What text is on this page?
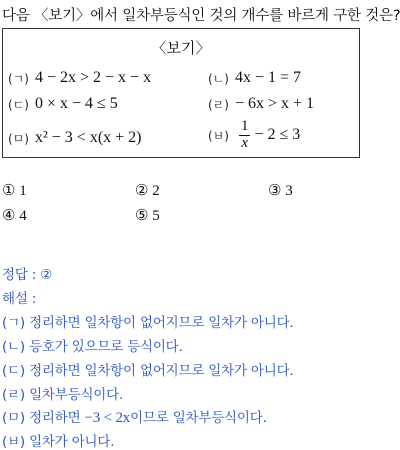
다음 〈보기〉에서 일차부등식인 것의 개수를 바르게 구한 것은?
〈보기〉
(ㄱ) 4 − 2x > 2 − x − x	(ㄴ) 4x − 1 = 7
(ㄷ) 0 × x − 4 ≤ 5	(ㄹ) − 6x > x + 1
(ㅁ) x² − 3 < x(x + 2)	(ㅂ) $\frac{1}{x} - 2 \le 3$
① 1	② 2	③ 3
④ 4	⑤ 5
정답 : ②
해설 :
(ㄱ) 정리하면 일차항이 없어지므로 일차가 아니다.
(ㄴ) 등호가 있으므로 등식이다.
(ㄷ) 정리하면 일차항이 없어지므로 일차가 아니다.
(ㄹ) 일차부등식이다.
(ㅁ) 정리하면 −3 < 2x이므로 일차부등식이다.
(ㅂ) 일차가 아니다.
